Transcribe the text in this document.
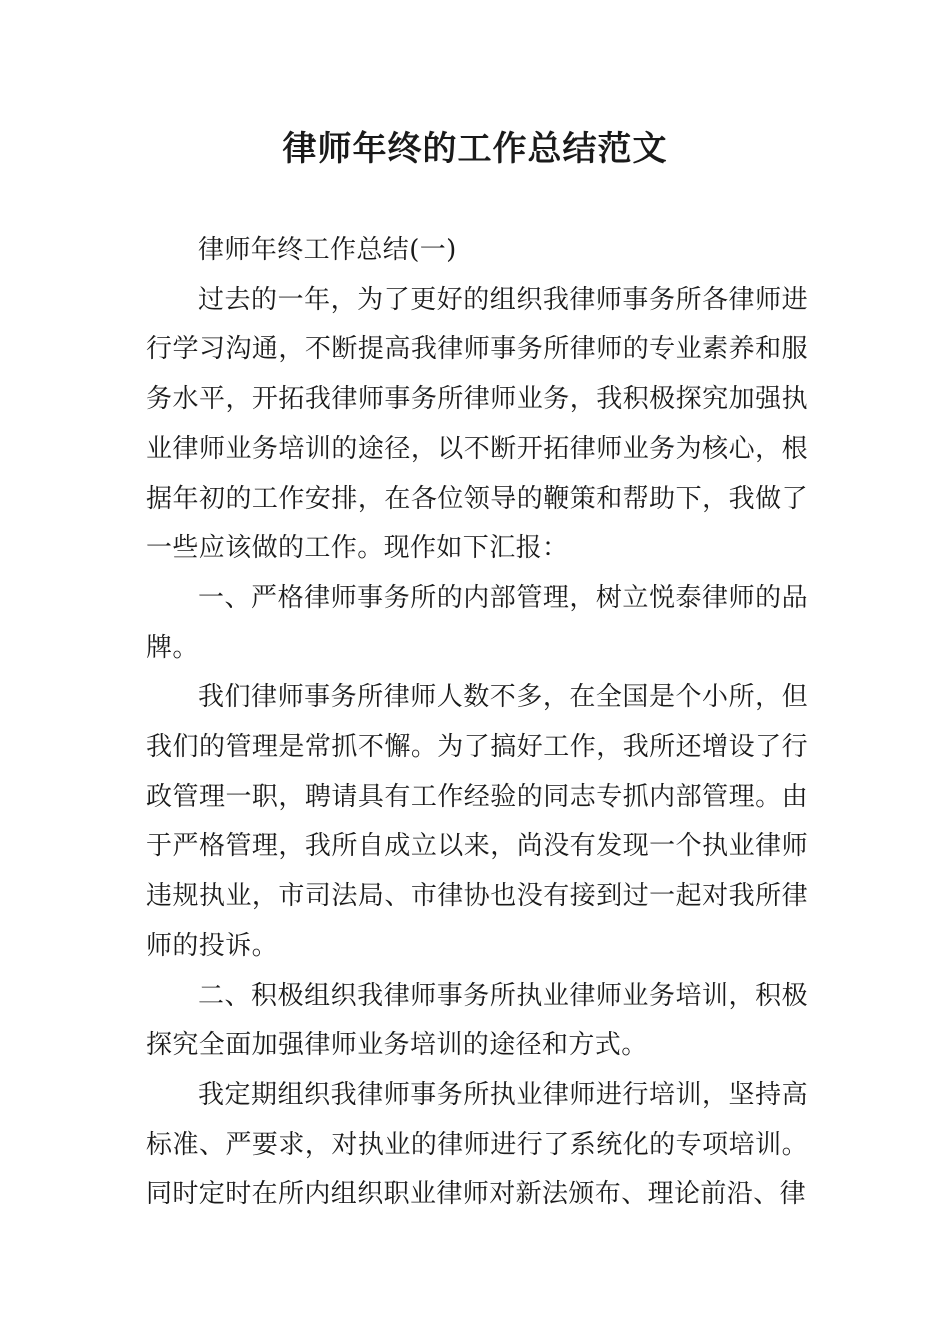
律师年终的工作总结范文

律师年终工作总结(一)

过去的一年，为了更好的组织我律师事务所各律师进行学习沟通，不断提高我律师事务所律师的专业素养和服务水平，开拓我律师事务所律师业务，我积极探究加强执业律师业务培训的途径，以不断开拓律师业务为核心，根据年初的工作安排，在各位领导的鞭策和帮助下，我做了一些应该做的工作。现作如下汇报：

一、严格律师事务所的内部管理，树立悦泰律师的品牌。

我们律师事务所律师人数不多，在全国是个小所，但我们的管理是常抓不懈。为了搞好工作，我所还增设了行政管理一职，聘请具有工作经验的同志专抓内部管理。由于严格管理，我所自成立以来，尚没有发现一个执业律师违规执业，市司法局、市律协也没有接到过一起对我所律师的投诉。

二、积极组织我律师事务所执业律师业务培训，积极探究全面加强律师业务培训的途径和方式。

我定期组织我律师事务所执业律师进行培训，坚持高标准、严要求，对执业的律师进行了系统化的专项培训。同时定时在所内组织职业律师对新法颁布、理论前沿、律
